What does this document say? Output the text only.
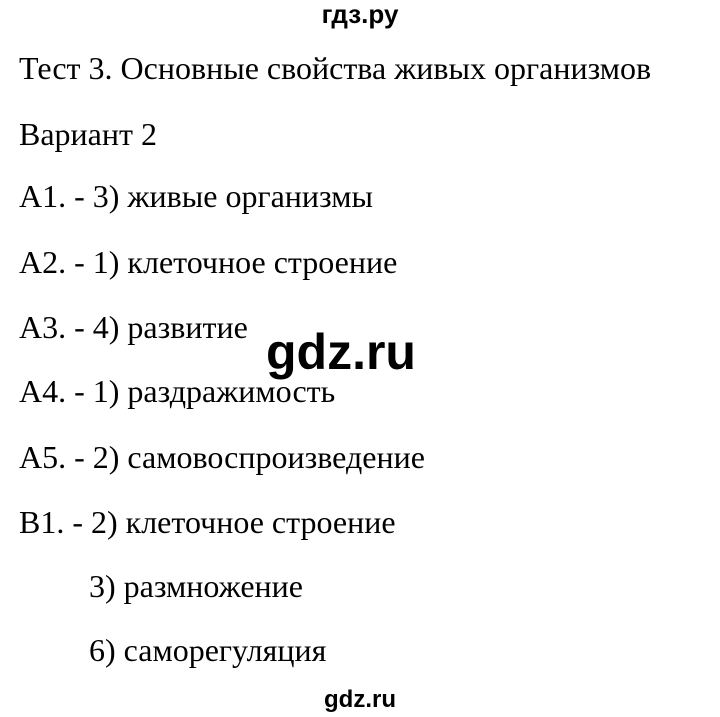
гдз.ру
Тест 3. Основные свойства живых организмов
Вариант 2
А1. - 3) живые организмы
А2. - 1) клеточное строение
А3. - 4) развитие
А4. - 1) раздражимость
А5. - 2) самовоспроизведение
В1. - 2) клеточное строение
3) размножение
6) саморегуляция
gdz.ru
gdz.ru
